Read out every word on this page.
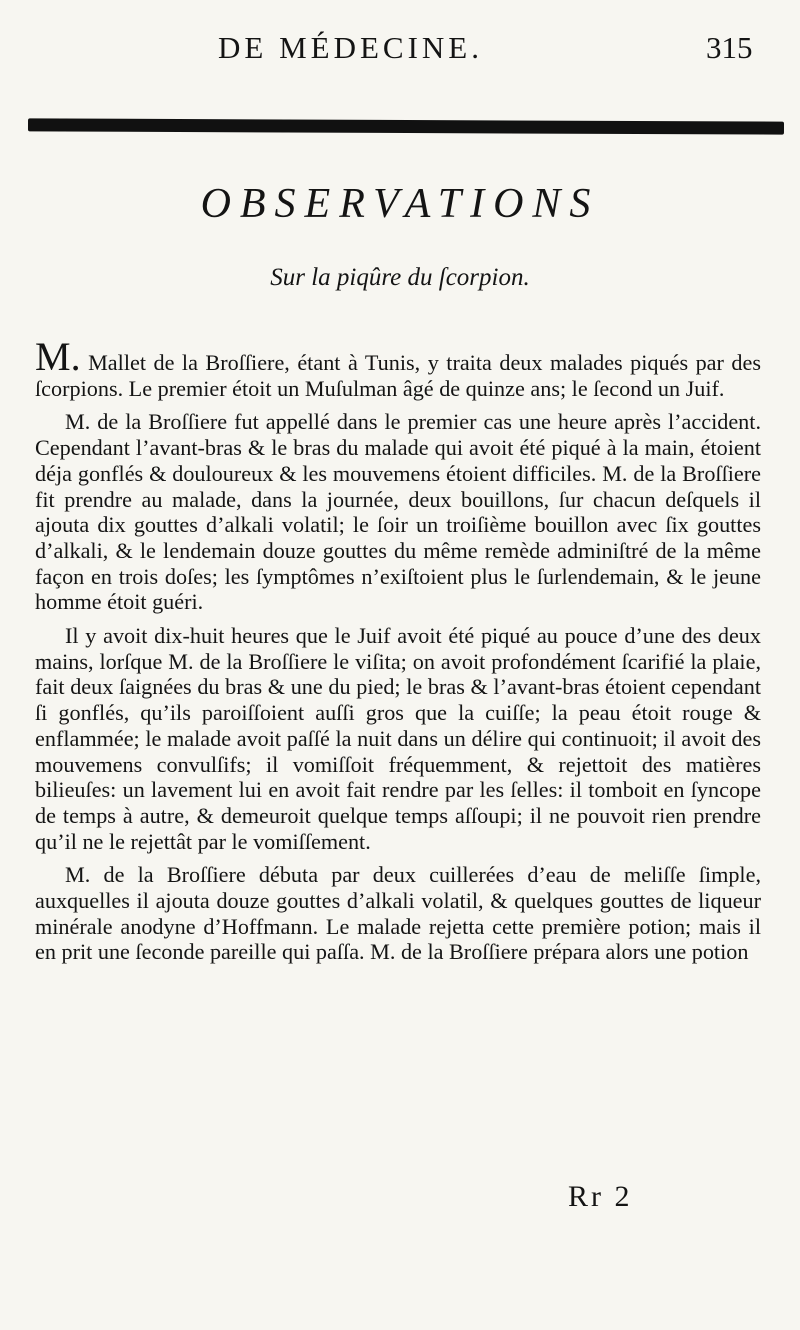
DE MÉDECINE.	315
OBSERVATIONS
Sur la piqûre du ſcorpion.

M. Mallet de la Broſſiere, étant à Tunis, y traita deux malades piqués par des ſcorpions. Le premier étoit un Muſulman âgé de quinze ans; le ſecond un Juif.

M. de la Broſſiere fut appellé dans le premier cas une heure après l’accident. Cependant l’avant-bras & le bras du malade qui avoit été piqué à la main, étoient déja gonflés & douloureux & les mouvemens étoient difficiles. M. de la Broſſiere fit prendre au malade, dans la journée, deux bouillons, ſur chacun deſquels il ajouta dix gouttes d’alkali volatil; le ſoir un troiſième bouillon avec ſix gouttes d’alkali, & le lendemain douze gouttes du même remède adminiſtré de la même façon en trois doſes; les ſymptômes n’exiſtoient plus le ſurlendemain, & le jeune homme étoit guéri.

Il y avoit dix-huit heures que le Juif avoit été piqué au pouce d’une des deux mains, lorſque M. de la Broſſiere le viſita; on avoit profondément ſcarifié la plaie, fait deux ſaignées du bras & une du pied; le bras & l’avant-bras étoient cependant ſi gonflés, qu’ils paroiſſoient auſſi gros que la cuiſſe; la peau étoit rouge & enflammée; le malade avoit paſſé la nuit dans un délire qui continuoit; il avoit des mouvemens convulſifs; il vomiſſoit fréquemment, & rejettoit des matières bilieuſes: un lavement lui en avoit fait rendre par les ſelles: il tomboit en ſyncope de temps à autre, & demeuroit quelque temps aſſoupi; il ne pouvoit rien prendre qu’il ne le rejettât par le vomiſſement.

M. de la Broſſiere débuta par deux cuillerées d’eau de meliſſe ſimple, auxquelles il ajouta douze gouttes d’alkali volatil, & quelques gouttes de liqueur minérale anodyne d’Hoffmann. Le malade rejetta cette première potion; mais il en prit une ſeconde pareille qui paſſa. M. de la Broſſiere prépara alors une potion

Rr 2
